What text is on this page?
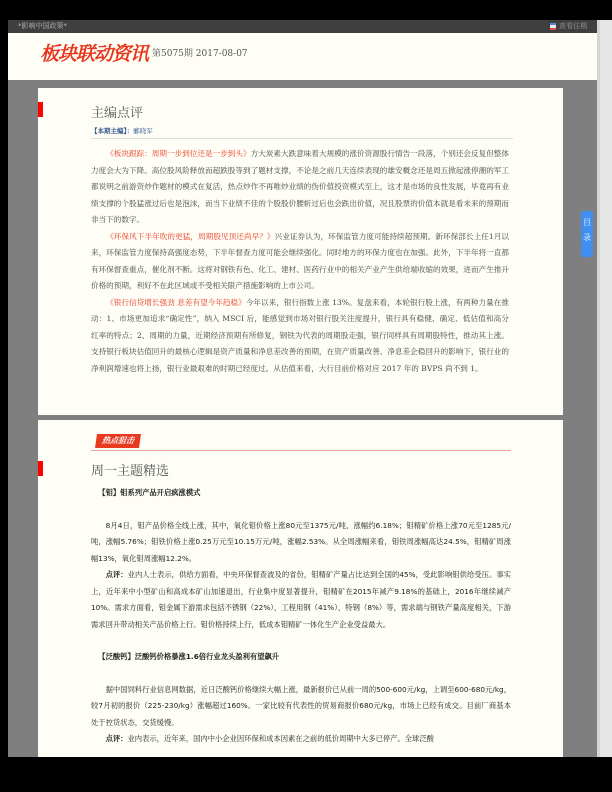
*影响中国政策*	查看往期
板块联动资讯 第5075期 2017-08-07
主编点评
【本期主编】：郦晓军

《板块跟踪：周期一步到位还是一步到头》方大炭素大跌意味着大规模的涨价资源股行情告一段落，个别还会反复但整体力度会大为下降。高位股风险释放而超跌股等到了题材支撑，不论是之前几天连续表现的雄安概念还是周五掀起涨停潮的军工都说明之前游资炒作题材的模式在复活，热点炒作不再唯炒业绩的伪价值投资模式至上，这才是市场的良性发展，毕竟再有业绩支撑的个股猛涨过后也是泡沫，而当下业绩不佳的个股股价腰斩过后也会跌出价值，况且股票的价值本就是看未来的预期而非当下的数字。

《环保风下半年吹的更猛，周期股见顶还尚早？》兴业证券认为，环保监管力度可能持续超预期。新环保部长上任1月以来，环保监管力度保持高强度态势，下半年督查力度可能会继续强化。同时地方的环保力度也在加强。此外，下半年将一直都有环保督查重点，催化剂不断。这将对钢铁有色、化工、建材、医药行业中的相关产业产生供给端收缩的效果，进而产生推升价格的预期，利好不在此区域或不受相关限产措施影响的上市公司。

《银行信贷增长强劲 息差有望今年趋稳》今年以来，银行指数上涨 13%。复盘来看，本轮银行股上涨，有两种力量在推动：1、市场更加追求“确定性”，纳入 MSCI 后，能感觉到市场对银行股关注度提升，银行具有稳健、确定、低估值和高分红率的特点；2、周期的力量，近期经济预期有所修复，钢铁为代表的周期股走强，银行同样具有周期股特性，推动其上涨。支持银行板块估值回升的最核心逻辑是资产质量和净息差改善的预期，在资产质量改善、净息差企稳回升的影响下，银行业的净利润增速也将上扬，银行业最艰难的时期已经度过。从估值来看，大行目前价格对应 2017 年的 BVPS 尚不到 1。

热点狙击
周一主题精选

【钼】钼系列产品开启疯涨模式

8月4日，钼产品价格全线上涨，其中，氧化钼价格上涨80元至1375元/吨，涨幅约6.18%；钼精矿价格上涨70元至1285元/吨，涨幅5.76%；钼铁价格上涨0.25万元至10.15万元/吨，涨幅2.53%。从全周涨幅来看，钼铁周涨幅高达24.5%，钼精矿周涨幅13%，氧化钼周涨幅12.2%。

点评：业内人士表示，供给方面看，中央环保督查波及的省份，钼精矿产量占比达到全国的45%，受此影响钼供给受压。事实上，近年来中小型矿山和高成本矿山加速退出，行业集中度显著提升，钼精矿在2015年减产9.18%的基础上，2016年继续减产10%。需求方面看，钼金属下游需求包括不锈钢（22%），工程用钢（41%），特钢（8%）等，需求端与钢铁产量高度相关，下游需求回升带动相关产品价格上行。钼价格持续上行，低成本钼精矿一体化生产企业受益最大。

【泛酸钙】泛酸钙价格暴涨1.6倍行业龙头盈利有望飙升

据中国饲料行业信息网数据，近日泛酸钙价格继续大幅上涨，最新报价已从前一周的500-600元/kg，上调至600-680元/kg，较7月初的报价（225-230/kg）涨幅超过160%。一家比较有代表性的贸易商报价680元/kg，市场上已经有成交。目前厂商基本处于控货状态，交货缓慢。

点评：业内表示，近年来，国内中小企业因环保和成本因素在之前的低价周期中大多已停产。全球泛酸

目
录
